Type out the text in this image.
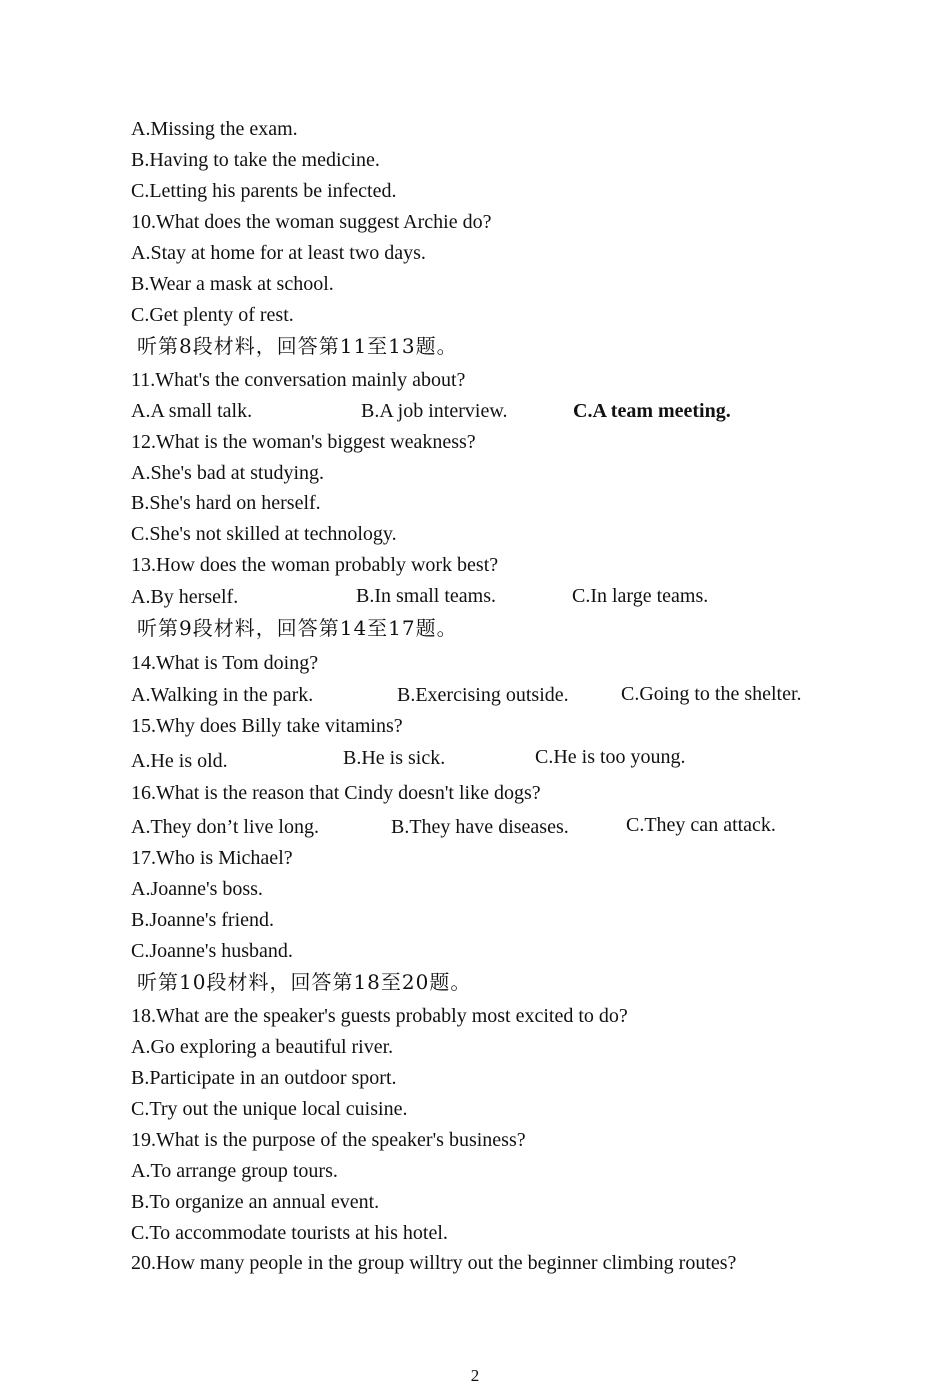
A.Missing the exam.
B.Having to take the medicine.
C.Letting his parents be infected.
10.What does the woman suggest Archie do?
A.Stay at home for at least two days.
B.Wear a mask at school.
C.Get plenty of rest.
听第8段材料，回答第11至13题。
11.What's the conversation mainly about?
A.A small talk.	B.A job interview.	C.A team meeting.
12.What is the woman's biggest weakness?
A.She's bad at studying.
B.She's hard on herself.
C.She's not skilled at technology.
13.How does the woman probably work best?
A.By herself.	B.In small teams.	C.In large teams.
听第9段材料，回答第14至17题。
14.What is Tom doing?
A.Walking in the park.	B.Exercising outside.	C.Going to the shelter.
15.Why does Billy take vitamins?
A.He is old.	B.He is sick.	C.He is too young.
16.What is the reason that Cindy doesn't like dogs?
A.They don’t live long.	B.They have diseases.	C.They can attack.
17.Who is Michael?
A.Joanne's boss.
B.Joanne's friend.
C.Joanne's husband.
听第10段材料，回答第18至20题。
18.What are the speaker's guests probably most excited to do?
A.Go exploring a beautiful river.
B.Participate in an outdoor sport.
C.Try out the unique local cuisine.
19.What is the purpose of the speaker's business?
A.To arrange group tours.
B.To organize an annual event.
C.To accommodate tourists at his hotel.
20.How many people in the group willtry out the beginner climbing routes?
2
